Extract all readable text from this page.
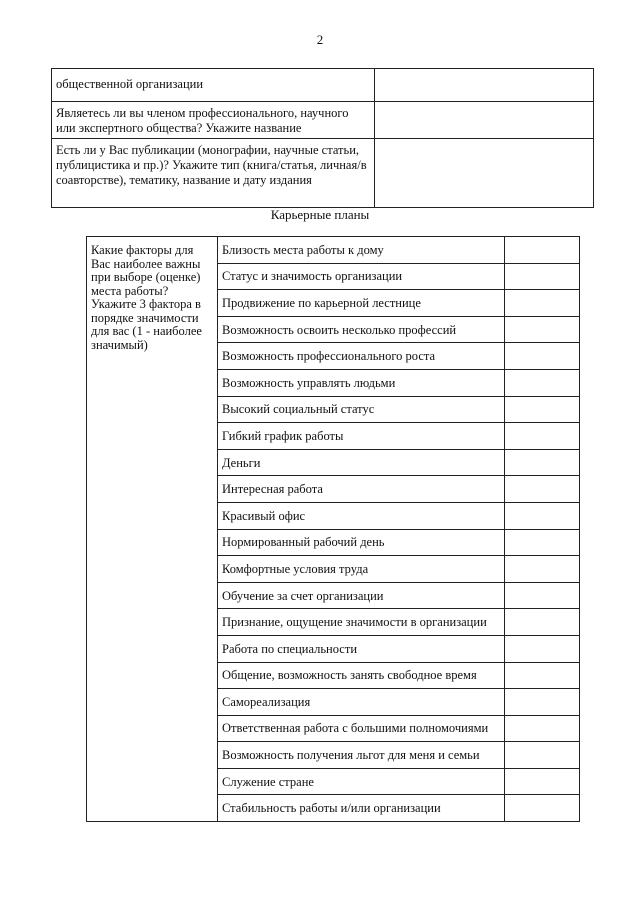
2
общественной организации	
Являетесь ли вы членом профессионального, научного или экспертного общества? Укажите название	
Есть ли у Вас публикации (монографии, научные статьи, публицистика и пр.)? Укажите тип (книга/статья, личная/в соавторстве), тематику, название и дату издания	
Карьерные планы
Какие факторы для Вас наиболее важны при выборе (оценке) места работы? Укажите 3 фактора в порядке значимости для вас (1 - наиболее значимый)	Близость места работы к дому	
	Статус и значимость организации	
	Продвижение по карьерной лестнице	
	Возможность освоить несколько профессий	
	Возможность профессионального роста	
	Возможность управлять людьми	
	Высокий социальный статус	
	Гибкий график работы	
	Деньги	
	Интересная работа	
	Красивый офис	
	Нормированный рабочий день	
	Комфортные условия труда	
	Обучение за счет организации	
	Признание, ощущение значимости в организации	
	Работа по специальности	
	Общение, возможность занять свободное время	
	Самореализация	
	Ответственная работа с большими полномочиями	
	Возможность получения льгот для меня и семьи	
	Служение стране	
	Стабильность работы и/или организации	
